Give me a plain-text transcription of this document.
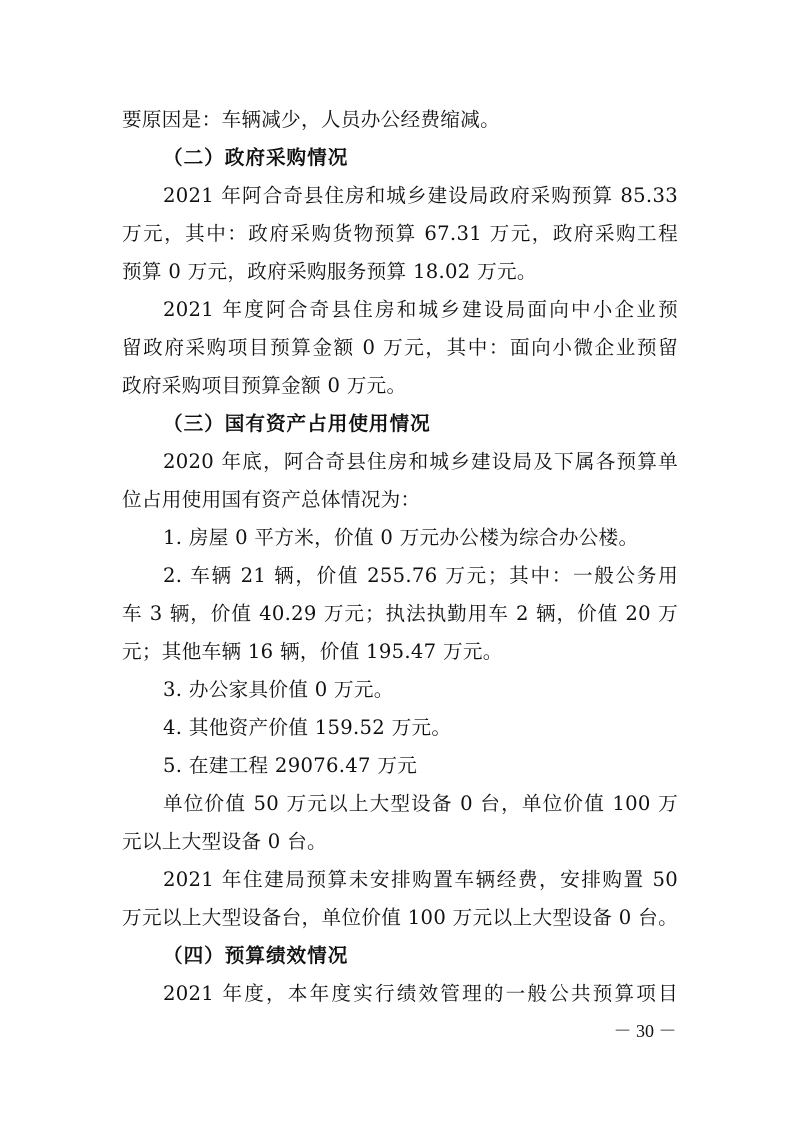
要原因是：车辆减少，人员办公经费缩减。
（二）政府采购情况
2021 年阿合奇县住房和城乡建设局政府采购预算 85.33
万元，其中：政府采购货物预算 67.31 万元，政府采购工程
预算 0 万元，政府采购服务预算 18.02 万元。
2021 年度阿合奇县住房和城乡建设局面向中小企业预
留政府采购项目预算金额 0 万元，其中：面向小微企业预留
政府采购项目预算金额 0 万元。
（三）国有资产占用使用情况
2020 年底，阿合奇县住房和城乡建设局及下属各预算单
位占用使用国有资产总体情况为：
1. 房屋 0 平方米，价值 0 万元办公楼为综合办公楼。
2. 车辆 21 辆，价值 255.76 万元；其中：一般公务用
车 3 辆，价值 40.29 万元；执法执勤用车 2 辆，价值 20 万
元；其他车辆 16 辆，价值 195.47 万元。
3. 办公家具价值 0 万元。
4. 其他资产价值 159.52 万元。
5. 在建工程 29076.47 万元
单位价值 50 万元以上大型设备 0 台，单位价值 100 万
元以上大型设备 0 台。
2021 年住建局预算未安排购置车辆经费，安排购置 50
万元以上大型设备台，单位价值 100 万元以上大型设备 0 台。
（四）预算绩效情况
2021 年度，本年度实行绩效管理的一般公共预算项目
－ 30 －
